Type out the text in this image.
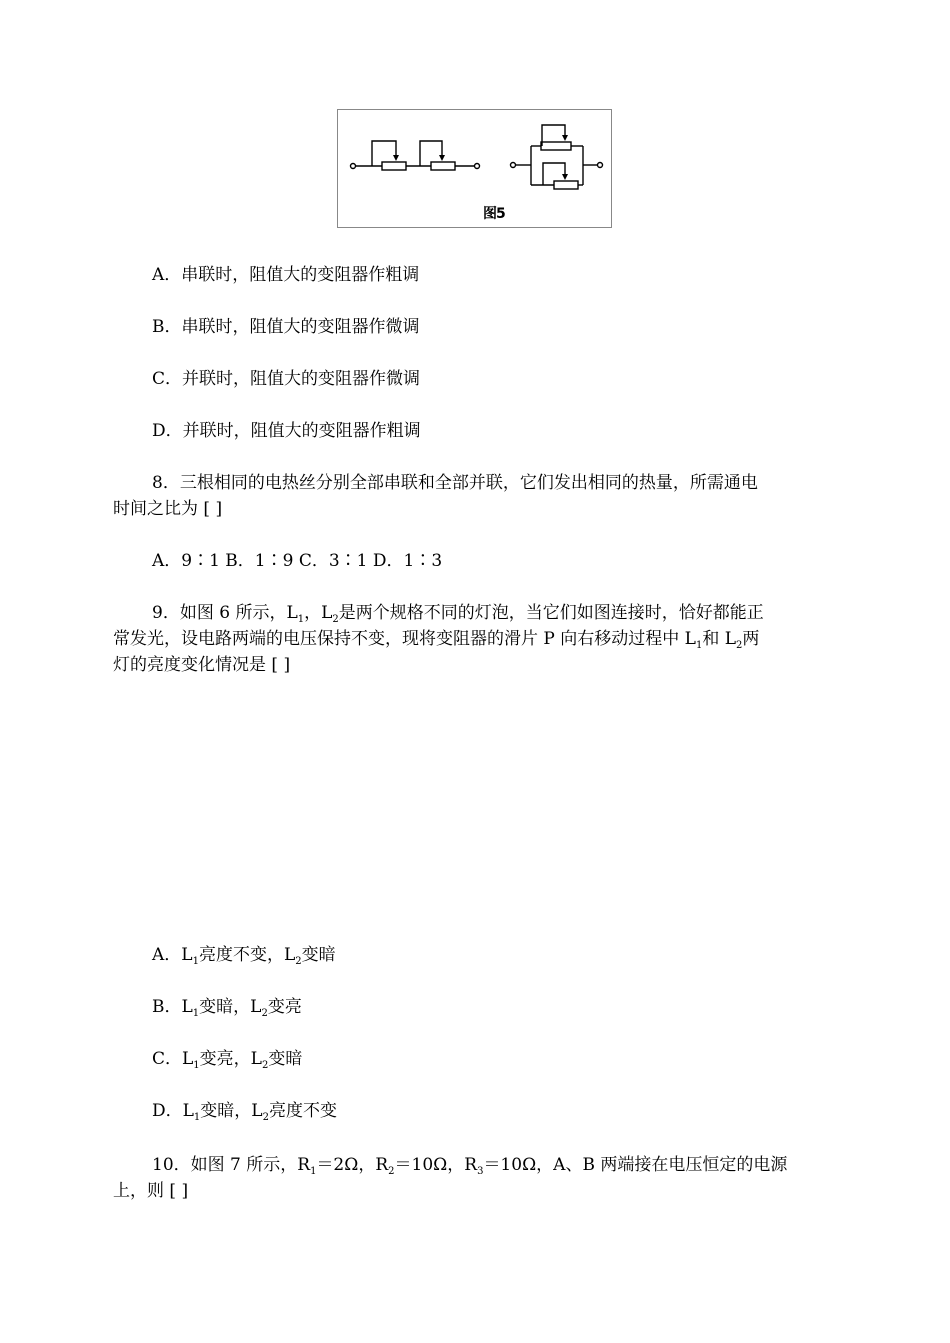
图5
A．串联时，阻值大的变阻器作粗调
B．串联时，阻值大的变阻器作微调
C．并联时，阻值大的变阻器作微调
D．并联时，阻值大的变阻器作粗调
8．三根相同的电热丝分别全部串联和全部并联，它们发出相同的热量，所需通电
时间之比为 [ ]
A．9∶1 B．1∶9 C．3∶1 D．1∶3
9．如图 6 所示，$L_1$，$L_2$是两个规格不同的灯泡，当它们如图连接时，恰好都能正
常发光，设电路两端的电压保持不变，现将变阻器的滑片 P 向右移动过程中 $L_1$和 $L_2$两
灯的亮度变化情况是 [ ]
A．$L_1$亮度不变，$L_2$变暗
B．$L_1$变暗，$L_2$变亮
C．$L_1$变亮，$L_2$变暗
D．$L_1$变暗，$L_2$亮度不变
10．如图 7 所示，$R_1=2\Omega$，$R_2=10\Omega$，$R_3=10\Omega$，A、B 两端接在电压恒定的电源
上，则 [ ]
